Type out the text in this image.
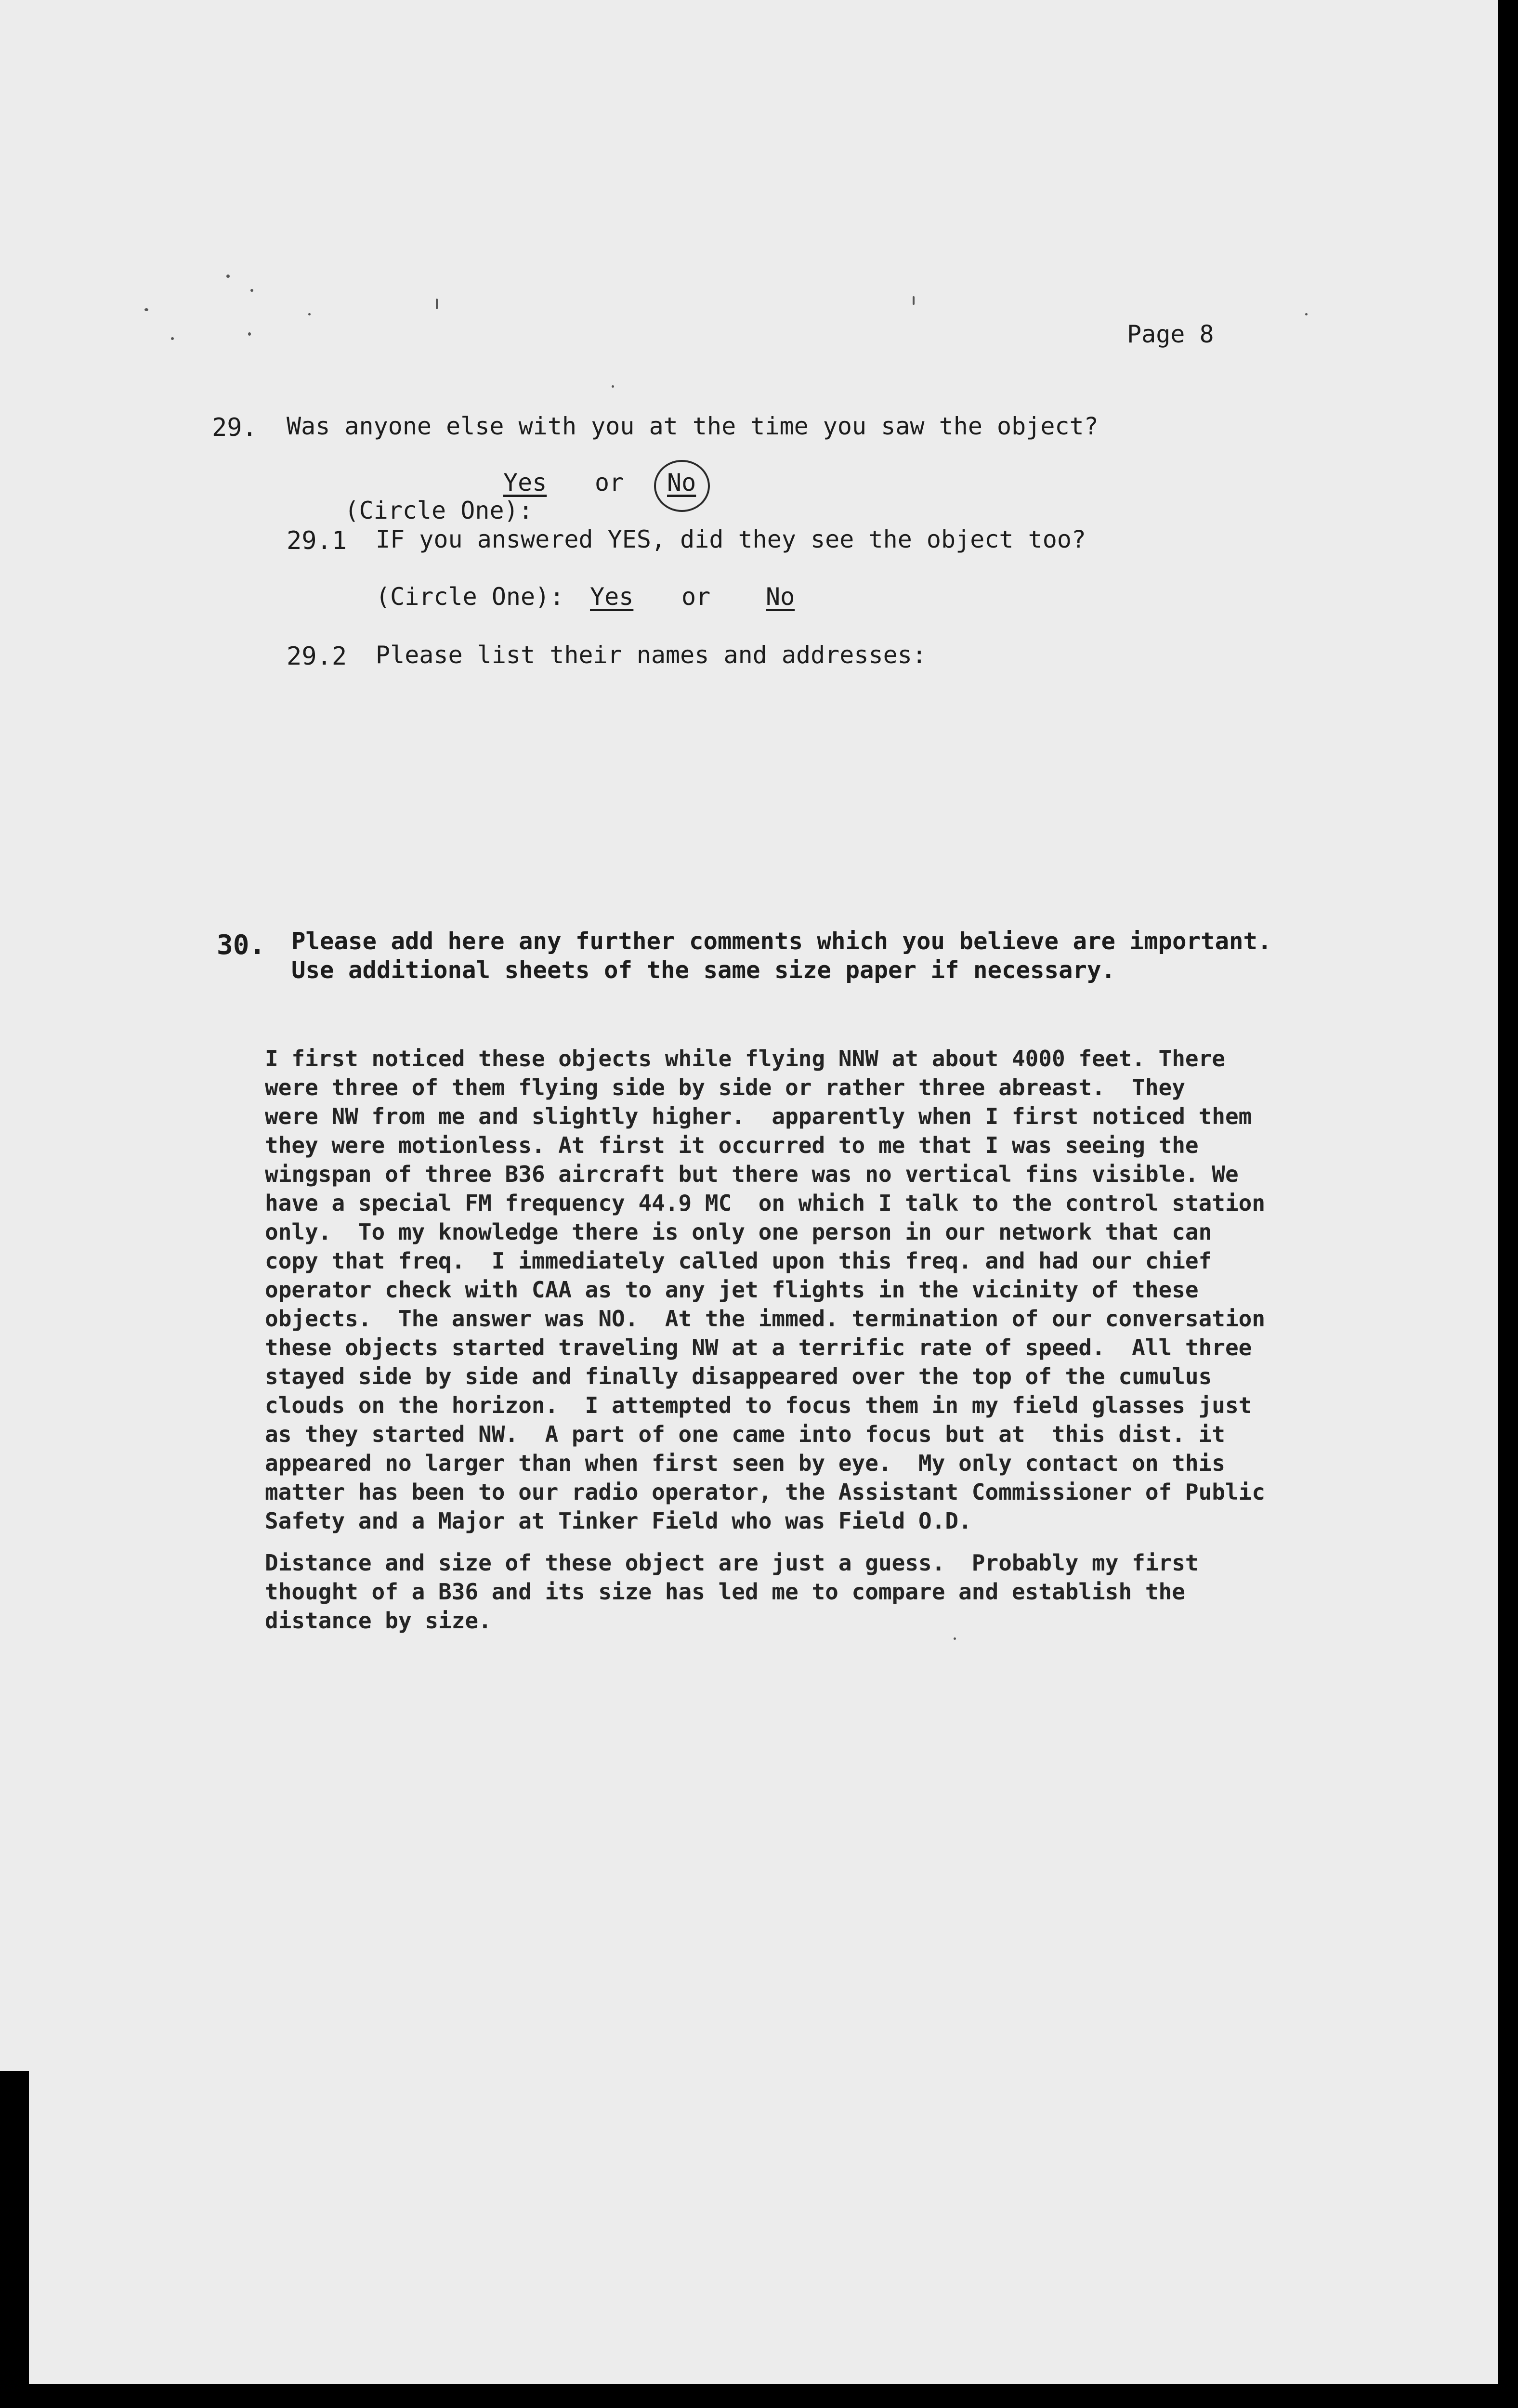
Page 8
29. Was anyone else with you at the time you saw the object?

(Circle One):

Yes or No
29.1 IF you answered YES, did they see the object too?
(Circle One): Yes or No
29.2 Please list their names and addresses:
30. Please add here any further comments which you believe are important.
Use additional sheets of the same size paper if necessary.
I first noticed these objects while flying NNW at about 4000 feet. There
were three of them flying side by side or rather three abreast.  They
were NW from me and slightly higher.  apparently when I first noticed them
they were motionless. At first it occurred to me that I was seeing the
wingspan of three B36 aircraft but there was no vertical fins visible. We
have a special FM frequency 44.9 MC  on which I talk to the control station
only.  To my knowledge there is only one person in our network that can
copy that freq.  I immediately called upon this freq. and had our chief
operator check with CAA as to any jet flights in the vicinity of these
objects.  The answer was NO.  At the immed. termination of our conversation
these objects started traveling NW at a terrific rate of speed.  All three
stayed side by side and finally disappeared over the top of the cumulus
clouds on the horizon.  I attempted to focus them in my field glasses just
as they started NW.  A part of one came into focus but at  this dist. it
appeared no larger than when first seen by eye.  My only contact on this
matter has been to our radio operator, the Assistant Commissioner of Public
Safety and a Major at Tinker Field who was Field O.D.
Distance and size of these object are just a guess.  Probably my first
thought of a B36 and its size has led me to compare and establish the
distance by size.
